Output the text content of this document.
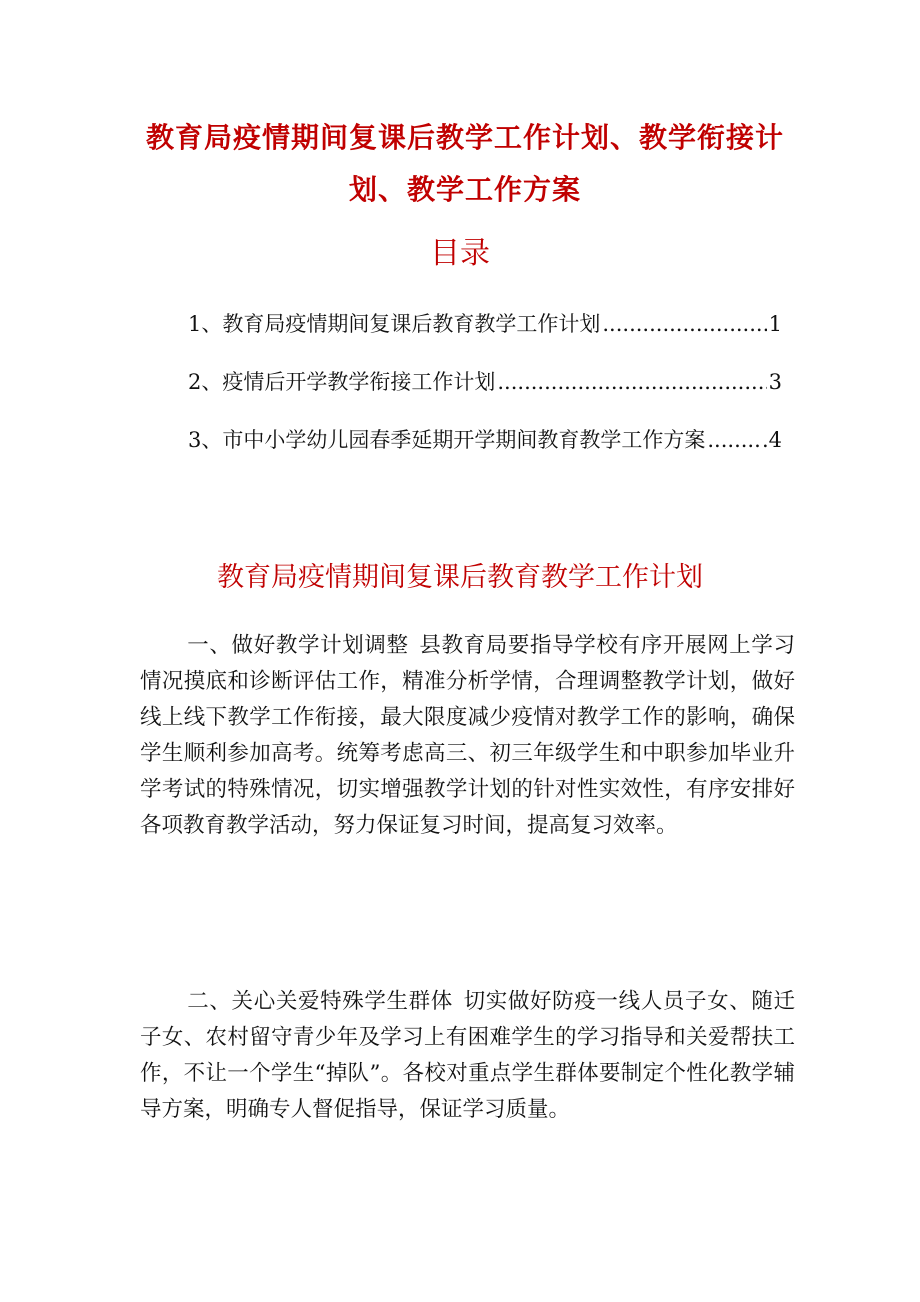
教育局疫情期间复课后教学工作计划、教学衔接计划、教学工作方案
目录
1、 教育局疫情期间复课后教育教学工作计划 .....	1
2、 疫情后开学教学衔接工作计划 .....	3
3、 市中小学幼儿园春季延期开学期间教育教学工作方案 .....	.4
教育局疫情期间复课后教育教学工作计划

一、做好教学计划调整 县教育局要指导学校有序开展网上学习情况摸底和诊断评估工作，精准分析学情，合理调整教学计划，做好线上线下教学工作衔接，最大限度减少疫情对教学工作的影响，确保学生顺利参加高考。统筹考虑高三、初三年级学生和中职参加毕业升学考试的特殊情况，切实增强教学计划的针对性实效性，有序安排好各项教育教学活动，努力保证复习时间，提高复习效率。

二、关心关爱特殊学生群体 切实做好防疫一线人员子女、随迁子女、农村留守青少年及学习上有困难学生的学习指导和关爱帮扶工作，不让一个学生“掉队”。各校对重点学生群体要制定个性化教学辅导方案，明确专人督促指导，保证学习质量。
